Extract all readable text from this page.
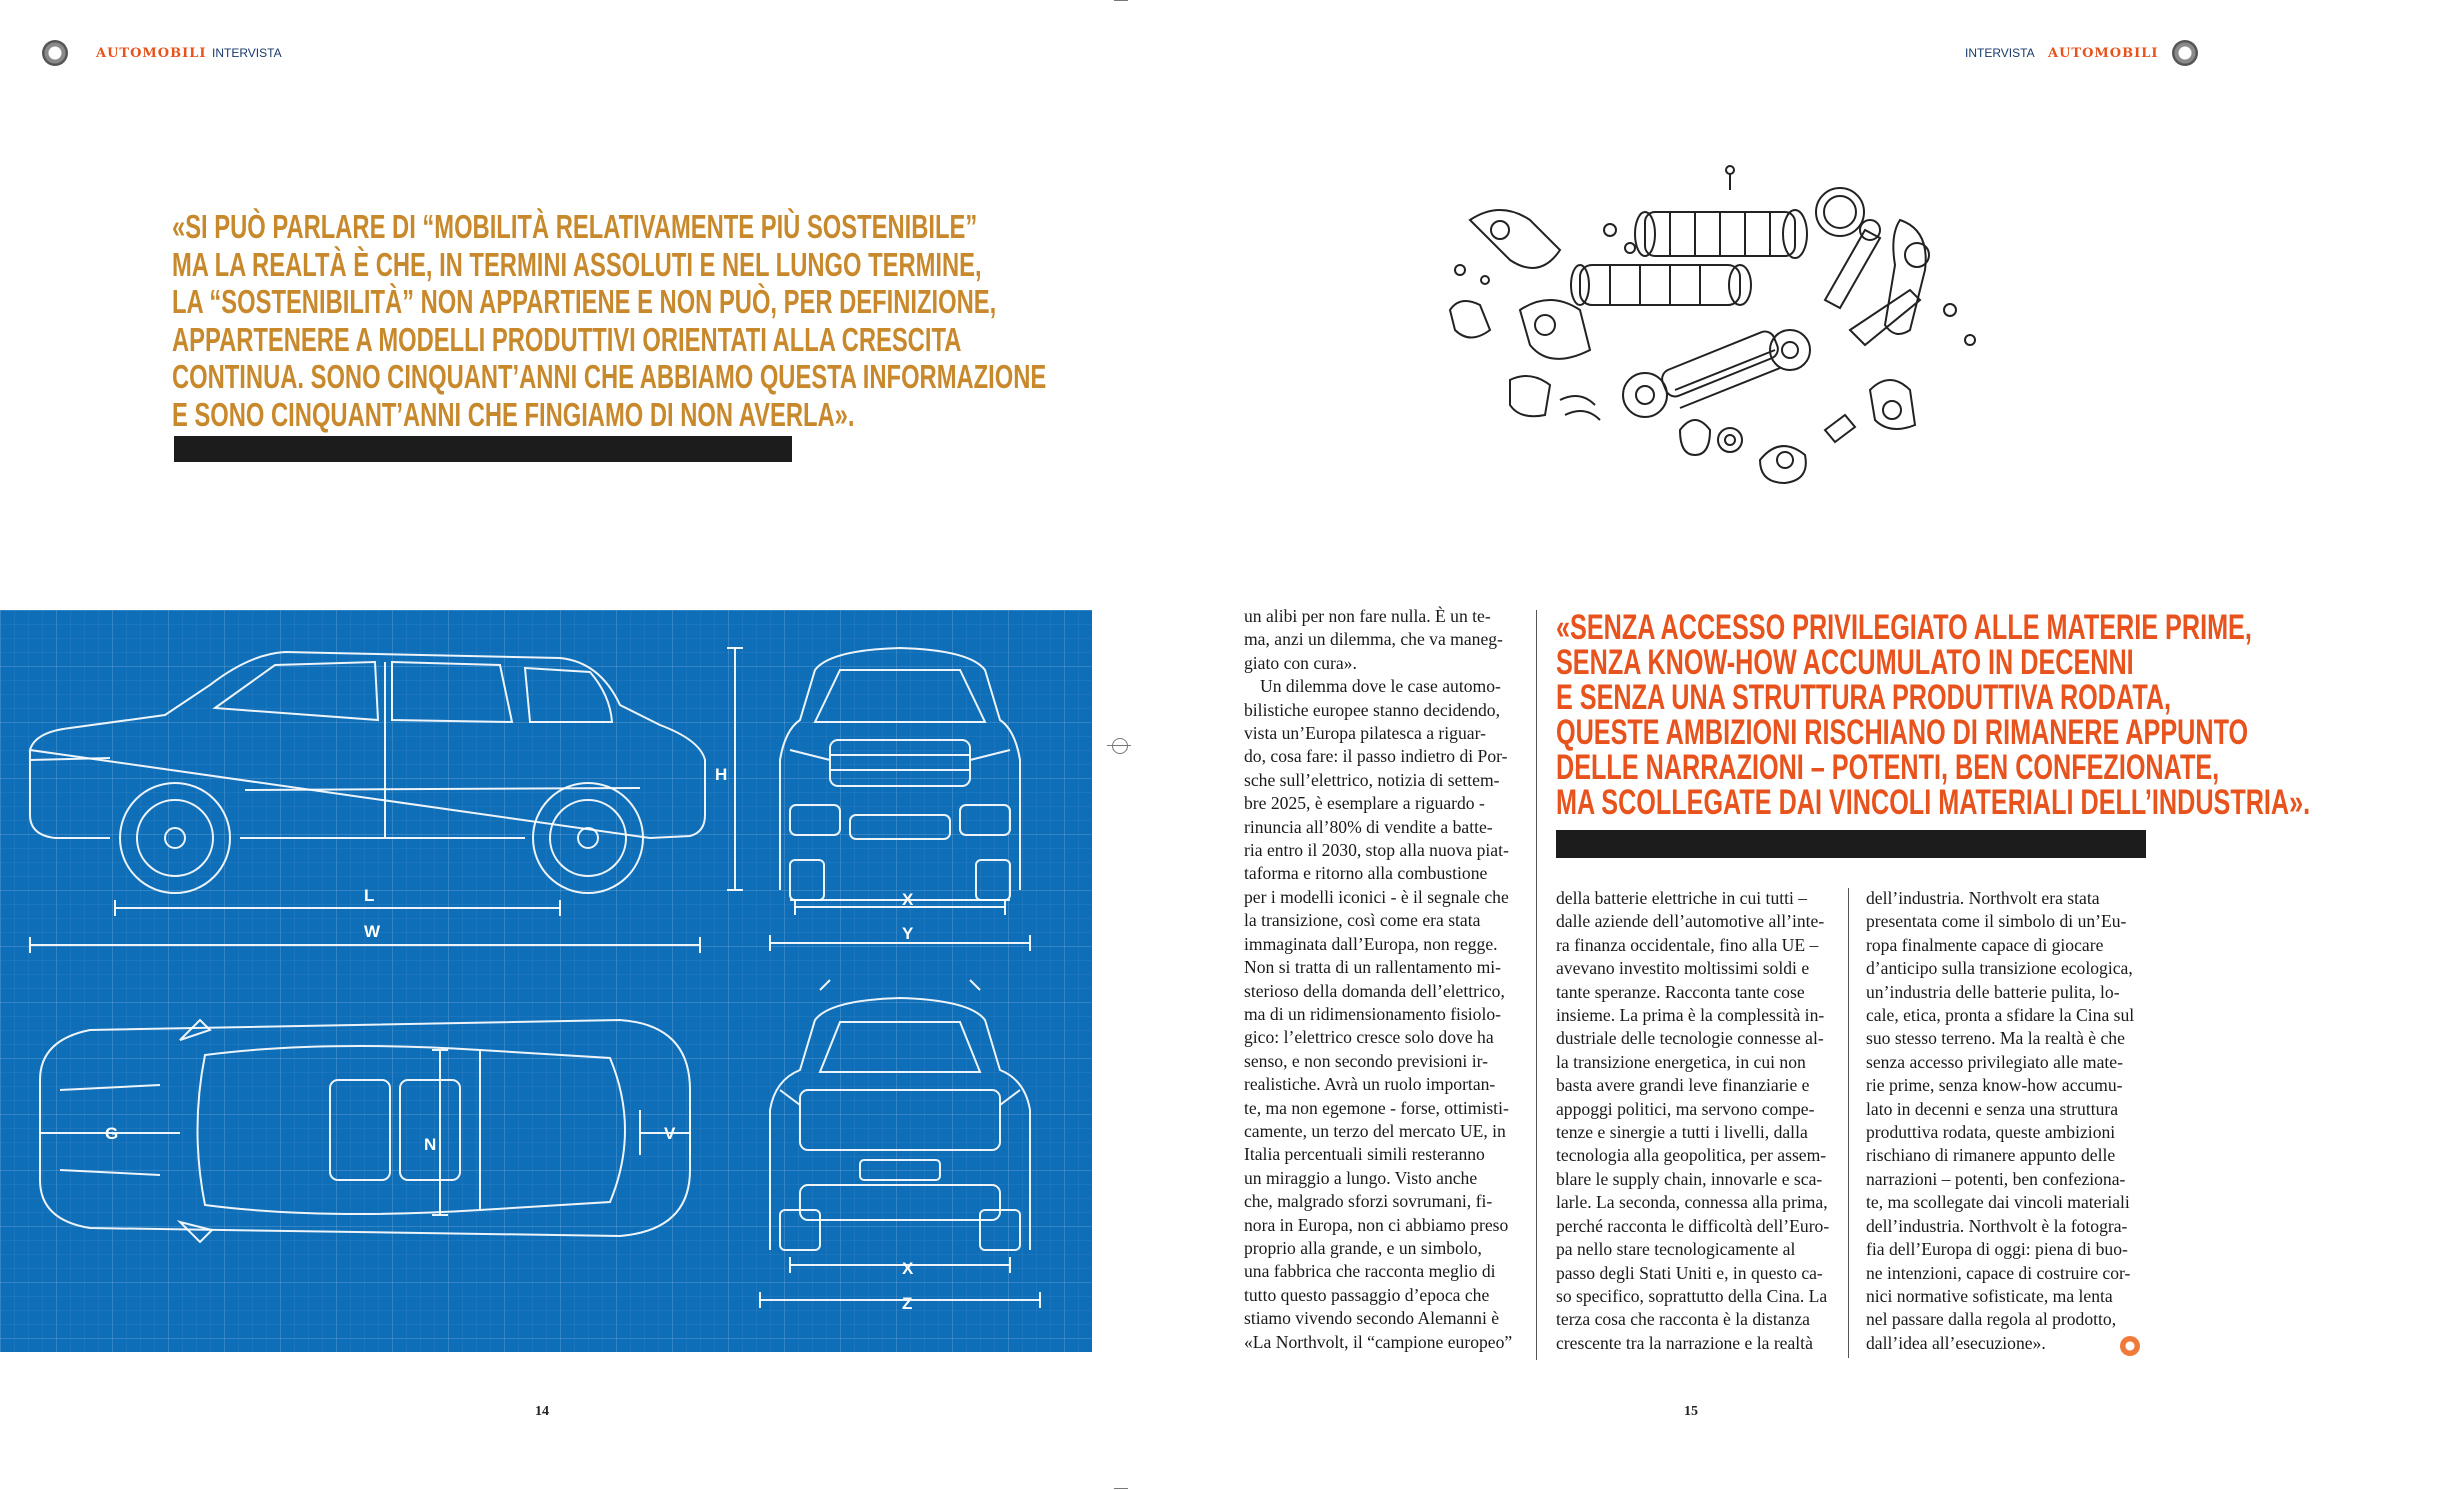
AUTOMOBILI INTERVISTA	INTERVISTA AUTOMOBILI
«SI PUÒ PARLARE DI “MOBILITÀ RELATIVAMENTE PIÙ SOSTENIBILE”
MA LA REALTÀ È CHE, IN TERMINI ASSOLUTI E NEL LUNGO TERMINE,
LA “SOSTENIBILITÀ” NON APPARTIENE E NON PUÒ, PER DEFINIZIONE,
APPARTENERE A MODELLI PRODUTTIVI ORIENTATI ALLA CRESCITA
CONTINUA. SONO CINQUANT’ANNI CHE ABBIAMO QUESTA INFORMAZIONE
E SONO CINQUANT’ANNI CHE FINGIAMO DI NON AVERLA».
H
L
W
X
Y
G
N
V
X
Z

un alibi per non fare nulla. È un te-

ma, anzi un dilemma, che va maneg-

giato con cura».

Un dilemma dove le case automo-

bilistiche europee stanno decidendo,

vista un’Europa pilatesca a riguar-

do, cosa fare: il passo indietro di Por-

sche sull’elettrico, notizia di settem-

bre 2025, è esemplare a riguardo -

rinuncia all’80% di vendite a batte-

ria entro il 2030, stop alla nuova piat-

taforma e ritorno alla combustione

per i modelli iconici - è il segnale che

la transizione, così come era stata

immaginata dall’Europa, non regge.

Non si tratta di un rallentamento mi-

sterioso della domanda dell’elettrico,

ma di un ridimensionamento fisiolo-

gico: l’elettrico cresce solo dove ha

senso, e non secondo previsioni ir-

realistiche. Avrà un ruolo importan-

te, ma non egemone - forse, ottimisti-

camente, un terzo del mercato UE, in

Italia percentuali simili resteranno

un miraggio a lungo. Visto anche

che, malgrado sforzi sovrumani, fi-

nora in Europa, non ci abbiamo preso

proprio alla grande, e un simbolo,

una fabbrica che racconta meglio di

tutto questo passaggio d’epoca che

stiamo vivendo secondo Alemanni è

«La Northvolt, il “campione europeo”

«SENZA ACCESSO PRIVILEGIATO ALLE MATERIE PRIME,
SENZA KNOW-HOW ACCUMULATO IN DECENNI
E SENZA UNA STRUTTURA PRODUTTIVA RODATA,
QUESTE AMBIZIONI RISCHIANO DI RIMANERE APPUNTO
DELLE NARRAZIONI – POTENTI, BEN CONFEZIONATE,
MA SCOLLEGATE DAI VINCOLI MATERIALI DELL’INDUSTRIA».

della batterie elettriche in cui tutti –

dalle aziende dell’automotive all’inte-

ra finanza occidentale, fino alla UE –

avevano investito moltissimi soldi e

tante speranze. Racconta tante cose

insieme. La prima è la complessità in-

dustriale delle tecnologie connesse al-

la transizione energetica, in cui non

basta avere grandi leve finanziarie e

appoggi politici, ma servono compe-

tenze e sinergie a tutti i livelli, dalla

tecnologia alla geopolitica, per assem-

blare le supply chain, innovarle e sca-

larle. La seconda, connessa alla prima,

perché racconta le difficoltà dell’Euro-

pa nello stare tecnologicamente al

passo degli Stati Uniti e, in questo ca-

so specifico, soprattutto della Cina. La

terza cosa che racconta è la distanza

crescente tra la narrazione e la realtà

dell’industria. Northvolt era stata

presentata come il simbolo di un’Eu-

ropa finalmente capace di giocare

d’anticipo sulla transizione ecologica,

un’industria delle batterie pulita, lo-

cale, etica, pronta a sfidare la Cina sul

suo stesso terreno. Ma la realtà è che

senza accesso privilegiato alle mate-

rie prime, senza know-how accumu-

lato in decenni e senza una struttura

produttiva rodata, queste ambizioni

rischiano di rimanere appunto delle

narrazioni – potenti, ben confeziona-

te, ma scollegate dai vincoli materiali

dell’industria. Northvolt è la fotogra-

fia dell’Europa di oggi: piena di buo-

ne intenzioni, capace di costruire cor-

nici normative sofisticate, ma lenta

nel passare dalla regola al prodotto,

dall’idea all’esecuzione».

14	15
